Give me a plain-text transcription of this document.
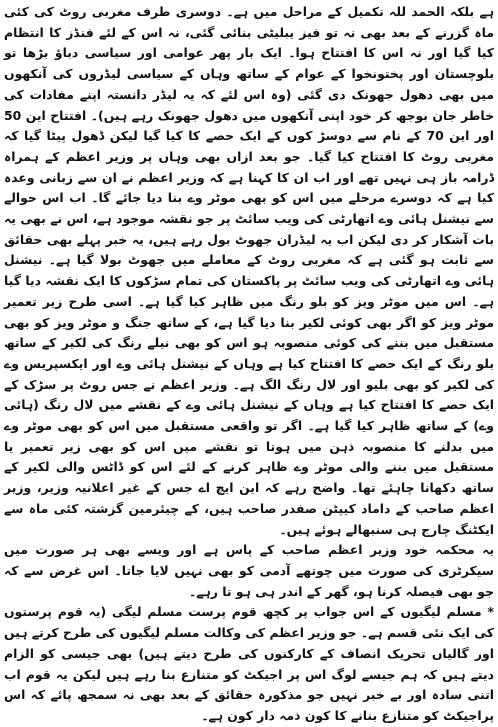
ہے بلکہ الحمد للہ تکمیل کے مراحل میں ہے۔ دوسری طرف مغربی روٹ کی کئی ماہ گزرنے کے بعد بھی نہ تو فیز یبلیٹی بنائی گئی، نہ اس کے لئے فنڈز کا انتظام کیا گیا اور نہ اس کا افتتاح ہوا۔ ایک بار پھر عوامی اور سیاسی دباؤ بڑھا تو بلوچستان اور پختونخوا کے عوام کے ساتھ وہاں کے سیاسی لیڈروں کی آنکھوں میں بھی دھول جھونک دی گئی (وہ اس لئے کہ یہ لیڈر دانستہ اپنے مفادات کی خاطر جان بوجھ کر خود اپنی آنکھوں میں دھول جھونک رہے ہیں)۔ افتتاح این 50 اور این 70 کے نام سے دوسڑ کوں کے ایک حصے کا کیا گیا لیکن ڈھول پیٹا گیا کہ مغربی روٹ کا افتتاح کیا گیا۔ جو بعد ازاں بھی وہاں پر وزیر اعظم کے ہمراہ ڈرامہ باز ہی نہیں تھے اور اب ان کا کہنا ہے کہ وزیر اعظم نے ان سے زبانی وعدہ کیا ہے کہ دوسرے مرحلے میں اس کو بھی موٹر وے بنا دیا جائے گا۔ اب اس حوالے سے نیشنل ہائی وے اتھارٹی کی ویب سائٹ پر جو نقشہ موجود ہے، اس نے بھی یہ بات آشکار کر دی لیکن اب یہ لیڈران جھوٹ بول رہے ہیں، یہ خبر پہلے بھی حقائق سے ثابت ہو گئی ہے کہ مغربی روٹ کے معاملے میں جھوٹ بولا گیا ہے۔ نیشنل ہائی وے اتھارٹی کی ویب سائٹ پر پاکستان کی تمام سڑکوں کا ایک نقشہ دیا گیا ہے۔ اس میں موٹر ویز کو بلو رنگ میں ظاہر کیا گیا ہے۔ اسی طرح زیر تعمیر موٹر ویز کو اگر بھی کوئی لکیر بنا دیا گیا ہے، کے ساتھ جنگ و موٹر ویز کو بھی مستقبل میں بننے کی کوئی منصوبہ ہو اس کو بھی نیلے رنگ کی لکیر کے ساتھ بلو رنگ کے ایک حصے کا افتتاح کیا ہے وہاں کے نیشنل ہائی وے اور ایکسپریس وے کی لکیر کو بھی بلیو اور لال رنگ الگ ہے۔ وزیر اعظم نے جس روٹ پر سڑک کے ایک حصے کا افتتاح کیا ہے وہاں کے نیشنل ہائی وے کے نقشے میں لال رنگ (ہائی وے) کے ساتھ ظاہر کیا گیا ہے۔ اگر تو واقعی مستقبل میں اس کو بھی موٹر وے میں بدلنے کا منصوبہ ذہن میں ہوتا تو نقشے میں اس کو بھی زیر تعمیر یا مستقبل میں بننے والی موٹر وے ظاہر کرنے کے لئے اس کو ڈاٹس والی لکیر کے ساتھ دکھانا چاہئے تھا۔ واضح رہے کہ این ایچ اے جس کے غیر اعلانیہ وزیر، وزیر اعظم صاحب کے داماد کیپٹن صفدر صاحب ہیں، کے چیئرمین گزشتہ کئی ماہ سے ایکٹنگ چارج ہی سنبھالے ہوئے ہیں۔

یہ محکمہ خود وزیر اعظم صاحب کے پاس ہے اور ویسے بھی ہر صورت میں سیکرٹری کی صورت میں چوتھے آدمی کو بھی نہیں لایا جاتا۔ اس غرض سے کہ جو بھی فیصلہ کرنا ہو، گھر کے اندر ہی ہو تا رہے۔

* مسلم لیگیوں کے اس جواب پر کچھ قوم پرست مسلم لیگی (یہ قوم پرستوں کی ایک نئی قسم ہے۔ جو وزیر اعظم کی وکالت مسلم لیگیوں کی طرح کرتے ہیں اور گالیاں تحریک انصاف کے کارکنوں کی طرح دیتے ہیں) بھی جیسی کو الزام دیتے ہیں کہ ہم جیسے لوگ اس پر اجیکٹ کو متنازع بنا رہے ہیں لیکن یہ قوم اب اتنی سادہ اور بے خبر نہیں جو مذکورہ حقائق کے بعد بھی نہ سمجھ پائے کہ اس پراجیکٹ کو متنازع بنانے کا کون ذمہ دار کون ہے۔
